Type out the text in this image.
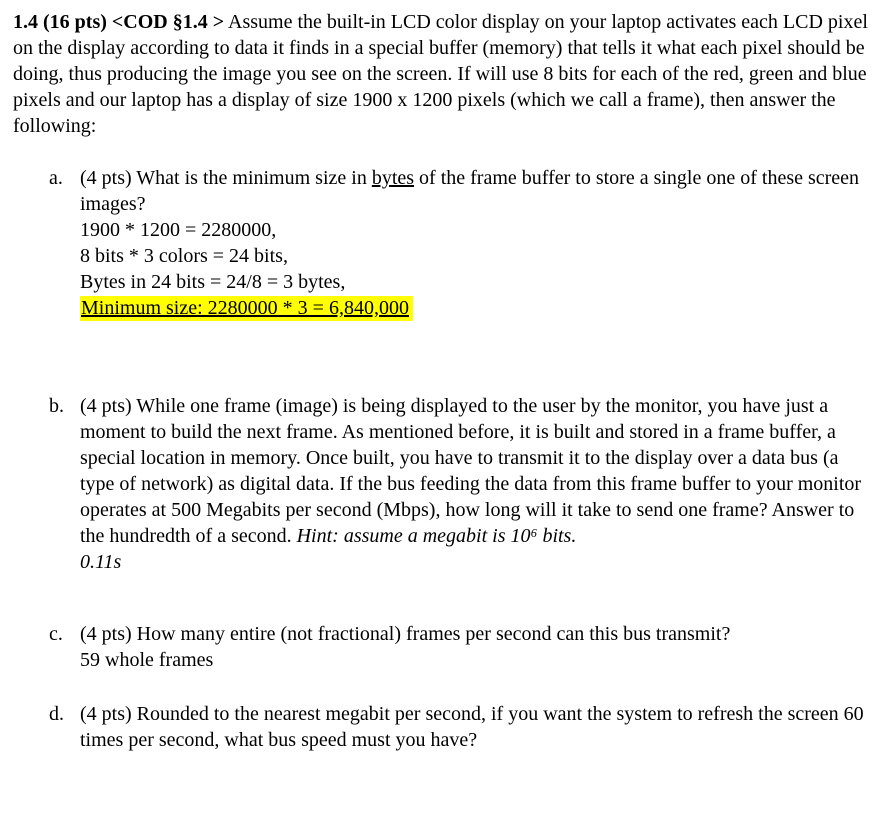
1.4 (16 pts) <COD §1.4 > Assume the built-in LCD color display on your laptop activates each LCD pixel on the display according to data it finds in a special buffer (memory) that tells it what each pixel should be doing, thus producing the image you see on the screen. If will use 8 bits for each of the red, green and blue pixels and our laptop has a display of size 1900 x 1200 pixels (which we call a frame), then answer the following:

a. (4 pts) What is the minimum size in bytes of the frame buffer to store a single one of these screen images?

1900 * 1200 = 2280000,
8 bits * 3 colors = 24 bits,
Bytes in 24 bits = 24/8 = 3 bytes,
Minimum size: 2280000 * 3 = 6,840,000
b. (4 pts) While one frame (image) is being displayed to the user by the monitor, you have just a moment to build the next frame. As mentioned before, it is built and stored in a frame buffer, a special location in memory. Once built, you have to transmit it to the display over a data bus (a type of network) as digital data. If the bus feeding the data from this frame buffer to your monitor operates at 500 Megabits per second (Mbps), how long will it take to send one frame? Answer to the hundredth of a second. Hint: assume a megabit is 10⁶ bits.

0.11s
c. (4 pts) How many entire (not fractional) frames per second can this bus transmit?

59 whole frames
d. (4 pts) Rounded to the nearest megabit per second, if you want the system to refresh the screen 60 times per second, what bus speed must you have?
